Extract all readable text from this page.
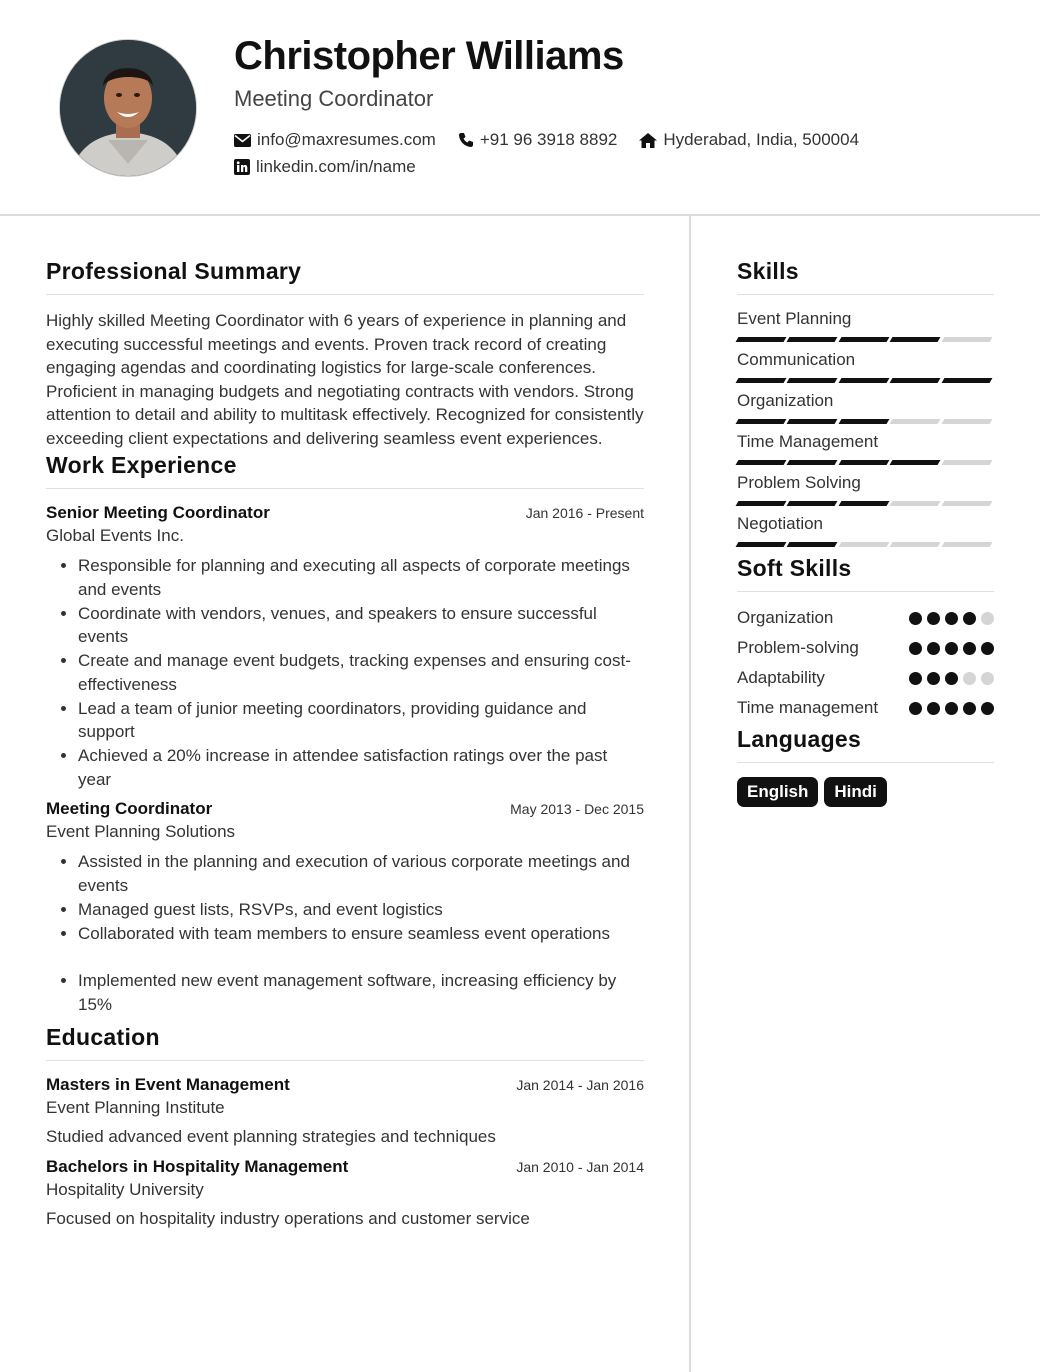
Christopher Williams
Meeting Coordinator
info@maxresumes.com	+91 96 3918 8892	Hyderabad, India, 500004
linkedin.com/in/name
Professional Summary

Highly skilled Meeting Coordinator with 6 years of experience in planning and executing successful meetings and events. Proven track record of creating engaging agendas and coordinating logistics for large-scale conferences. Proficient in managing budgets and negotiating contracts with vendors. Strong attention to detail and ability to multitask effectively. Recognized for consistently exceeding client expectations and delivering seamless event experiences.

Work Experience
Senior Meeting Coordinator	Jan 2016 - Present
Global Events Inc.
• Responsible for planning and executing all aspects of corporate meetings and events
• Coordinate with vendors, venues, and speakers to ensure successful events
• Create and manage event budgets, tracking expenses and ensuring cost-effectiveness
• Lead a team of junior meeting coordinators, providing guidance and support
• Achieved a 20% increase in attendee satisfaction ratings over the past year
Meeting Coordinator	May 2013 - Dec 2015
Event Planning Solutions
• Assisted in the planning and execution of various corporate meetings and events
• Managed guest lists, RSVPs, and event logistics
• Collaborated with team members to ensure seamless event operations
• Implemented new event management software, increasing efficiency by 15%
Education
Masters in Event Management	Jan 2014 - Jan 2016
Event Planning Institute
Studied advanced event planning strategies and techniques
Bachelors in Hospitality Management	Jan 2010 - Jan 2014
Hospitality University
Focused on hospitality industry operations and customer service
Skills
Event Planning
Communication
Organization
Time Management
Problem Solving
Negotiation
Soft Skills
Organization
Problem-solving
Adaptability
Time management
Languages
English	Hindi
